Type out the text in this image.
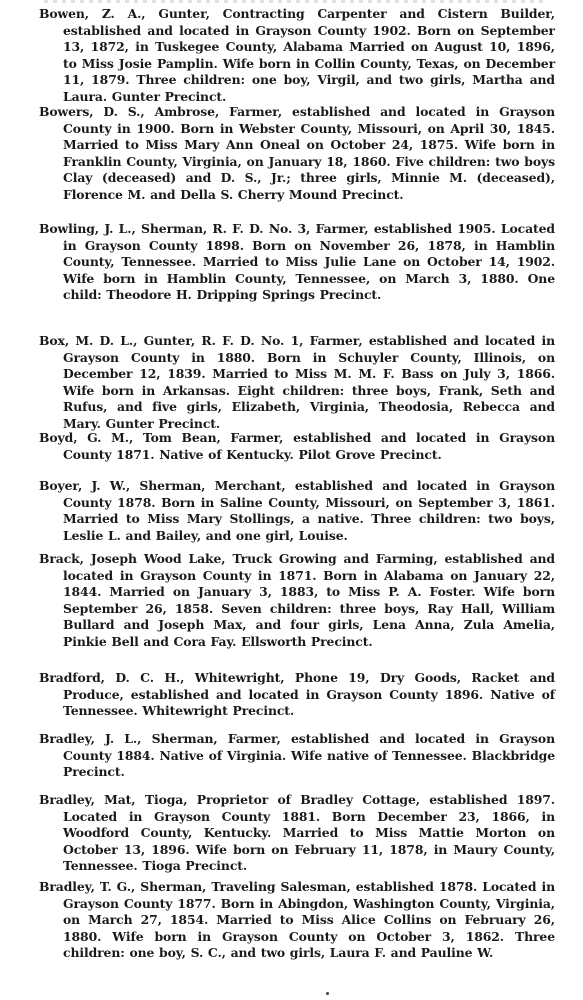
Bowen, Z. A., Gunter, Contracting Carpenter and Cistern Builder, established and located in Grayson County 1902. Born on September 13, 1872, in Tuskegee County, Alabama Married on August 10, 1896, to Miss Josie Pamplin. Wife born in Collin County, Texas, on December 11, 1879. Three children: one boy, Virgil, and two girls, Martha and Laura. Gunter Precinct.

Bowers, D. S., Ambrose, Farmer, established and located in Grayson County in 1900. Born in Webster County, Missouri, on April 30, 1845. Married to Miss Mary Ann Oneal on October 24, 1875. Wife born in Franklin County, Virginia, on January 18, 1860. Five children: two boys Clay (deceased) and D. S., Jr.; three girls, Minnie M. (deceased), Florence M. and Della S. Cherry Mound Precinct.

Bowling, J. L., Sherman, R. F. D. No. 3, Farmer, established 1905. Located in Grayson County 1898. Born on November 26, 1878, in Hamblin County, Tennessee. Married to Miss Julie Lane on October 14, 1902. Wife born in Hamblin County, Tennessee, on March 3, 1880. One child: Theodore H. Dripping Springs Precinct.

Box, M. D. L., Gunter, R. F. D. No. 1, Farmer, established and located in Grayson County in 1880. Born in Schuyler County, Illinois, on December 12, 1839. Married to Miss M. M. F. Bass on July 3, 1866. Wife born in Arkansas. Eight children: three boys, Frank, Seth and Rufus, and five girls, Elizabeth, Virginia, Theodosia, Rebecca and Mary. Gunter Precinct.

Boyd, G. M., Tom Bean, Farmer, established and located in Grayson County 1871. Native of Kentucky. Pilot Grove Precinct.

Boyer, J. W., Sherman, Merchant, established and located in Grayson County 1878. Born in Saline County, Missouri, on September 3, 1861. Married to Miss Mary Stollings, a native. Three children: two boys, Leslie L. and Bailey, and one girl, Louise.

Brack, Joseph Wood Lake, Truck Growing and Farming, established and located in Grayson County in 1871. Born in Alabama on January 22, 1844. Married on January 3, 1883, to Miss P. A. Foster. Wife born September 26, 1858. Seven children: three boys, Ray Hall, William Bullard and Joseph Max, and four girls, Lena Anna, Zula Amelia, Pinkie Bell and Cora Fay. Ellsworth Precinct.

Bradford, D. C. H., Whitewright, Phone 19, Dry Goods, Racket and Produce, established and located in Grayson County 1896. Native of Tennessee. Whitewright Precinct.

Bradley, J. L., Sherman, Farmer, established and located in Grayson County 1884. Native of Virginia. Wife native of Tennessee. Blackbridge Precinct.

Bradley, Mat, Tioga, Proprietor of Bradley Cottage, established 1897. Located in Grayson County 1881. Born December 23, 1866, in Woodford County, Kentucky. Married to Miss Mattie Morton on October 13, 1896. Wife born on February 11, 1878, in Maury County, Tennessee. Tioga Precinct.

Bradley, T. G., Sherman, Traveling Salesman, established 1878. Located in Grayson County 1877. Born in Abingdon, Washington County, Virginia, on March 27, 1854. Married to Miss Alice Collins on February 26, 1880. Wife born in Grayson County on October 3, 1862. Three children: one boy, S. C., and two girls, Laura F. and Pauline W.
